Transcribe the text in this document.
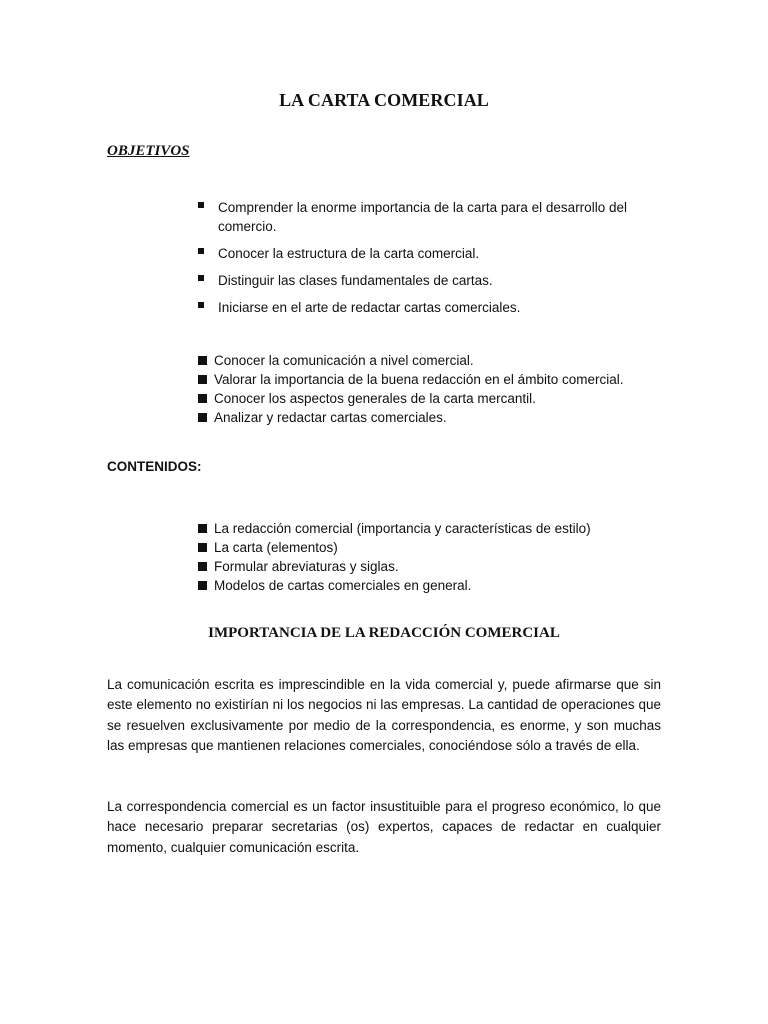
LA CARTA COMERCIAL
OBJETIVOS
Comprender la enorme importancia de la carta para el desarrollo del comercio.
Conocer la estructura de la carta comercial.
Distinguir las clases fundamentales de cartas.
Iniciarse en el arte de redactar cartas comerciales.
Conocer la comunicación a nivel comercial.
Valorar la importancia de la buena redacción en el ámbito comercial.
Conocer los aspectos generales de la carta mercantil.
Analizar y redactar cartas comerciales.
CONTENIDOS:
La redacción comercial (importancia y características de estilo)
La carta (elementos)
Formular abreviaturas y siglas.
Modelos de cartas comerciales en general.
IMPORTANCIA DE LA REDACCIÓN COMERCIAL

La comunicación escrita es imprescindible en la vida comercial y, puede afirmarse que sin este elemento no existirían ni los negocios ni las empresas. La cantidad de operaciones que se resuelven exclusivamente por medio de la correspondencia, es enorme, y son muchas las empresas que mantienen relaciones comerciales, conociéndose sólo a través de ella.

La correspondencia comercial es un factor insustituible para el progreso económico, lo que hace necesario preparar secretarias (os) expertos, capaces de redactar en cualquier momento, cualquier comunicación escrita.
